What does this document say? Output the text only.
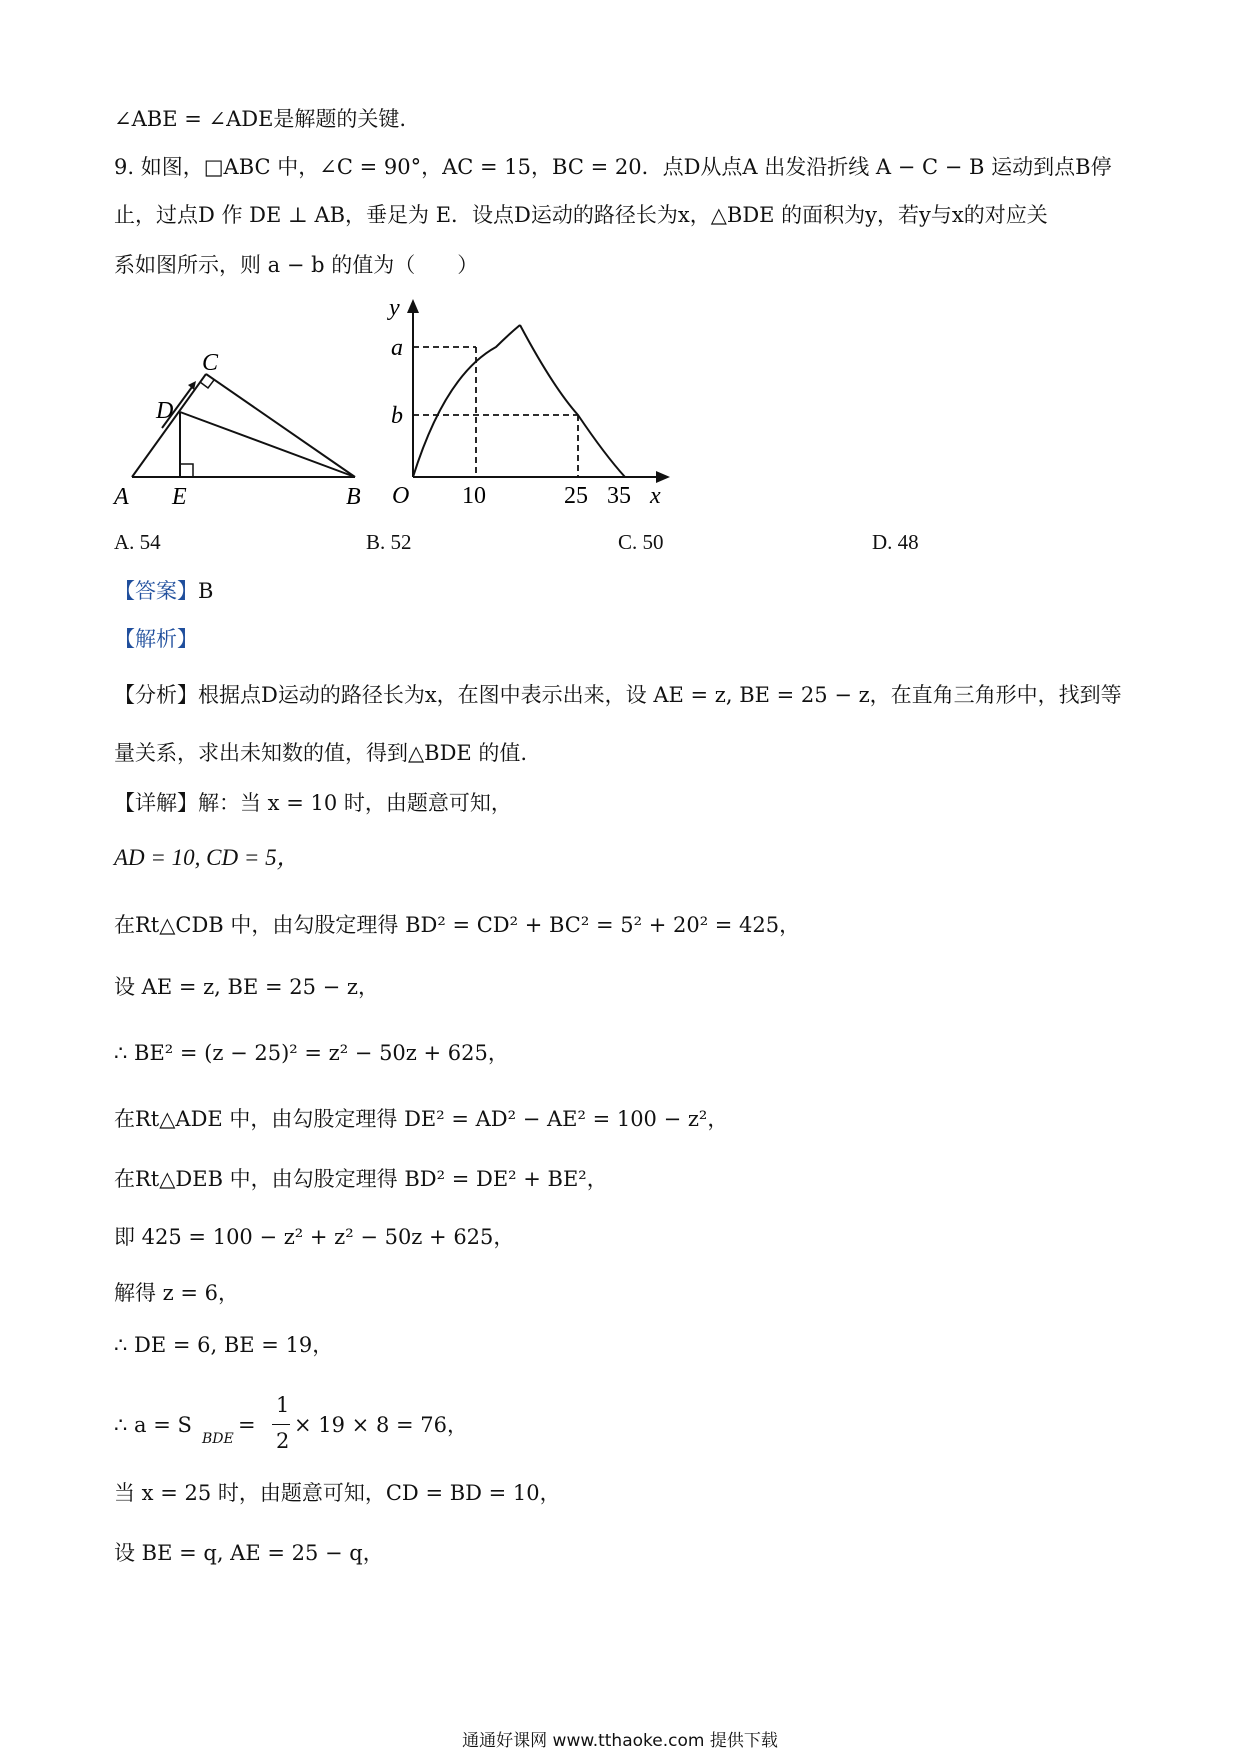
∠ABE = ∠ADE是解题的关键.
9. 如图，□ABC 中，∠C = 90°，AC = 15，BC = 20．点D从点A 出发沿折线 A − C − B 运动到点B停
止，过点D 作 DE ⊥ AB，垂足为 E．设点D运动的路径长为x，△BDE 的面积为y，若y与x的对应关
系如图所示，则 a − b 的值为（　　）
A E	B
D
C
y
x
O
a
b
10	25 35
A. 54	B. 52	C. 50	D. 48
【答案】B
【解析】
【分析】根据点D运动的路径长为x，在图中表示出来，设 AE = z, BE = 25 − z，在直角三角形中，找到等
量关系，求出未知数的值，得到△BDE 的值.
【详解】解：当 x = 10 时，由题意可知，
AD = 10, CD = 5，
在Rt△CDB 中，由勾股定理得 BD² = CD² + BC² = 5² + 20² = 425，
设 AE = z, BE = 25 − z，
∴ BE² = (z − 25)² = z² − 50z + 625，
在Rt△ADE 中，由勾股定理得 DE² = AD² − AE² = 100 − z²，
在Rt△DEB 中，由勾股定理得 BD² = DE² + BE²，
即 425 = 100 − z² + z² − 50z + 625，
解得 z = 6，
∴ DE = 6, BE = 19，
∴ a = S
BDE
=
1
2
× 19 × 8 = 76，
当 x = 25 时，由题意可知，CD = BD = 10，
设 BE = q, AE = 25 − q，
通通好课网 www.tthaoke.com 提供下载
